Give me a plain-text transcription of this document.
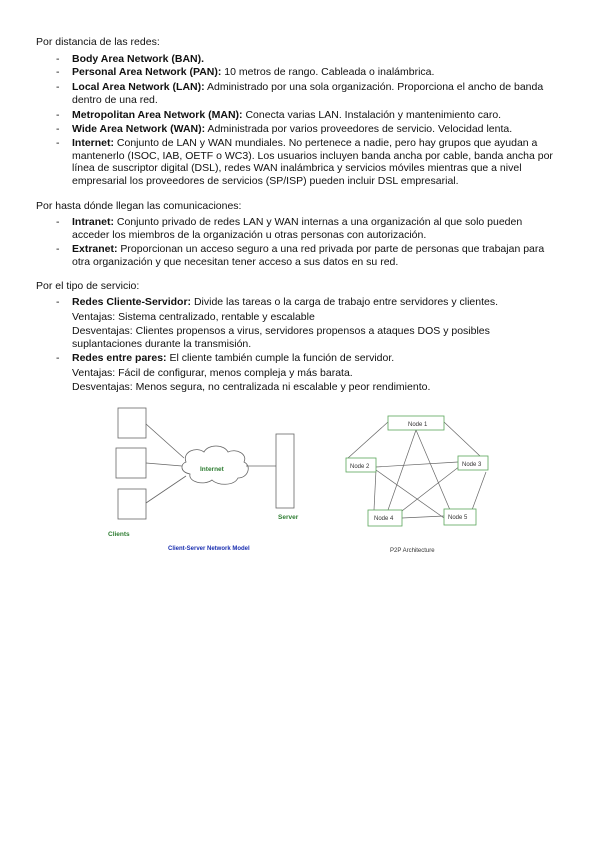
Por distancia de las redes:
-	Body Area Network (BAN).
-	Personal Area Network (PAN): 10 metros de rango. Cableada o inalámbrica.
-	Local Area Network (LAN): Administrado por una sola organización. Proporciona el ancho de banda dentro de una red.
-	Metropolitan Area Network (MAN): Conecta varias LAN. Instalación y mantenimiento caro.
-	Wide Area Network (WAN): Administrada por varios proveedores de servicio. Velocidad lenta.
-	Internet: Conjunto de LAN y WAN mundiales. No pertenece a nadie, pero hay grupos que ayudan a mantenerlo (ISOC, IAB, OETF o WC3). Los usuarios incluyen banda ancha por cable, banda ancha por línea de suscriptor digital (DSL), redes WAN inalámbrica y servicios móviles mientras que a nivel empresarial los proveedores de servicios (SP/ISP) pueden incluir DSL empresarial.
Por hasta dónde llegan las comunicaciones:
-	Intranet: Conjunto privado de redes LAN y WAN internas a una organización al que solo pueden acceder los miembros de la organización u otras personas con autorización.
-	Extranet: Proporcionan un acceso seguro a una red privada por parte de personas que trabajan para otra organización y que necesitan tener acceso a sus datos en su red.
Por el tipo de servicio:
-	Redes Cliente-Servidor: Divide las tareas o la carga de trabajo entre servidores y clientes.
Ventajas: Sistema centralizado, rentable y escalable
Desventajas: Clientes propensos a virus, servidores propensos a ataques DOS y posibles suplantaciones durante la transmisión.
-	Redes entre pares: El cliente también cumple la función de servidor.
Ventajas: Fácil de configurar, menos compleja y más barata.
Desventajas: Menos segura, no centralizada ni escalable y peor rendimiento.
Internet
Server
Clients
Client-Server Network Model
Node 1
Node 2	Node 3
Node 4	Node 5
P2P Architecture
